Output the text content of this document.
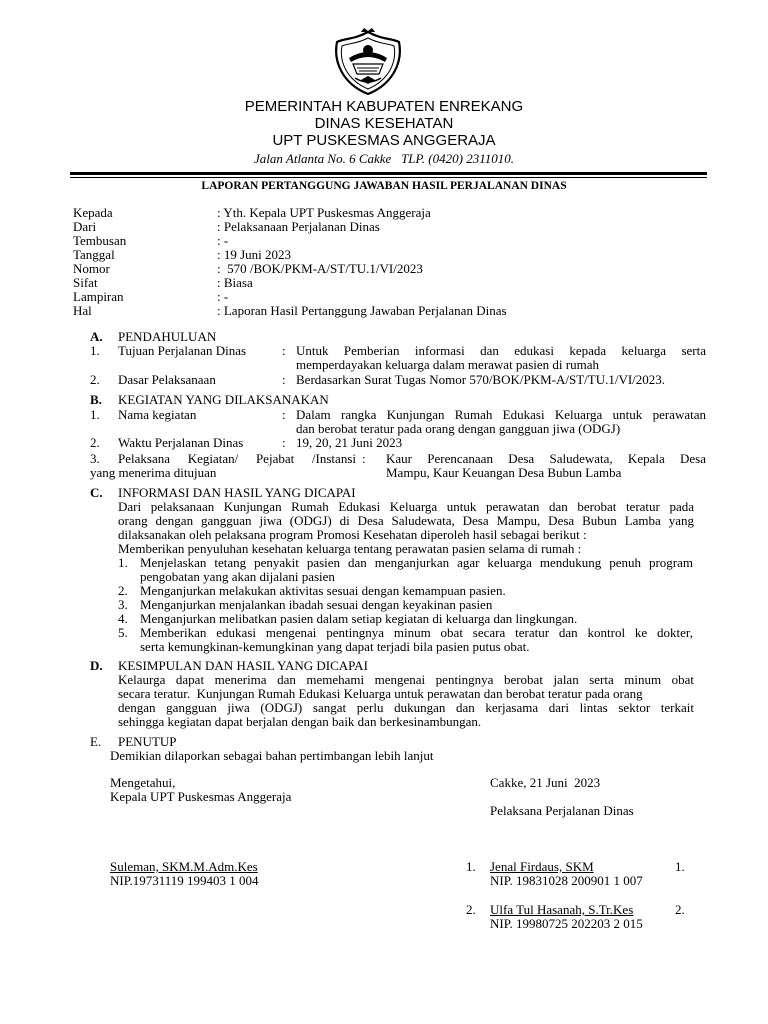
PEMERINTAH KABUPATEN ENREKANG
DINAS KESEHATAN
UPT PUSKESMAS ANGGERAJA
Jalan Atlanta No. 6 Cakke   TLP. (0420) 2311010.
LAPORAN PERTANGGUNG JAWABAN HASIL PERJALANAN DINAS
Kepada	: Yth. Kepala UPT Puskesmas Anggeraja
Dari	: Pelaksanaan Perjalanan Dinas
Tembusan	: -
Tanggal	: 19 Juni 2023
Nomor	:  570 /BOK/PKM-A/ST/TU.1/VI/2023
Sifat	: Biasa
Lampiran	: -
Hal	: Laporan Hasil Pertanggung Jawaban Perjalanan Dinas
A. PENDAHULUAN
1. Tujuan Perjalanan Dinas	: Untuk Pemberian informasi dan edukasi kepada keluarga serta
memperdayakan keluarga dalam merawat pasien di rumah
2. Dasar Pelaksanaan	: Berdasarkan Surat Tugas Nomor 570/BOK/PKM-A/ST/TU.1/VI/2023.
B. KEGIATAN YANG DILAKSANAKAN
1. Nama kegiatan	: Dalam rangka Kunjungan Rumah Edukasi Keluarga untuk perawatan
dan berobat teratur pada orang dengan gangguan jiwa (ODGJ)
2. Waktu Perjalanan Dinas	: 19, 20, 21 Juni 2023
3. Pelaksana Kegiatan/ Pejabat /Instansi
yang menerima ditujuan
: Kaur Perencanaan Desa Saludewata, Kepala Desa
Mampu, Kaur Keuangan Desa Bubun Lamba
C. INFORMASI DAN HASIL YANG DICAPAI
Dari pelaksanaan Kunjungan Rumah Edukasi Keluarga untuk perawatan dan berobat teratur pada
orang dengan gangguan jiwa (ODGJ) di Desa Saludewata, Desa Mampu, Desa Bubun Lamba yang
dilaksanakan oleh pelaksana program Promosi Kesehatan diperoleh hasil sebagai berikut :
Memberikan penyuluhan kesehatan keluarga tentang perawatan pasien selama di rumah :
1. Menjelaskan tetang penyakit pasien dan menganjurkan agar keluarga mendukung penuh program
pengobatan yang akan dijalani pasien
2. Menganjurkan melakukan aktivitas sesuai dengan kemampuan pasien.
3. Menganjurkan menjalankan ibadah sesuai dengan keyakinan pasien
4. Menganjurkan melibatkan pasien dalam setiap kegiatan di keluarga dan lingkungan.
5. Memberikan edukasi mengenai pentingnya minum obat secara teratur dan kontrol ke dokter,
serta kemungkinan-kemungkinan yang dapat terjadi bila pasien putus obat.
D. KESIMPULAN DAN HASIL YANG DICAPAI
Kelaurga dapat menerima dan memehami mengenai pentingnya berobat jalan serta minum obat
secara teratur.  Kunjungan Rumah Edukasi Keluarga untuk perawatan dan berobat teratur pada orang
dengan gangguan jiwa (ODGJ) sangat perlu dukungan dan kerjasama dari lintas sektor terkait
sehingga kegiatan dapat berjalan dengan baik dan berkesinambungan.
E. PENUTUP
Demikian dilaporkan sebagai bahan pertimbangan lebih lanjut
Mengetahui,
Kepala UPT Puskesmas Anggeraja
Suleman, SKM.M.Adm.Kes
NIP.19731119 199403 1 004
Cakke, 21 Juni  2023
Pelaksana Perjalanan Dinas
1. Jenal Firdaus, SKM
NIP. 19831028 200901 1 007
1.
2. Ulfa Tul Hasanah, S.Tr.Kes
NIP. 19980725 202203 2 015
2.
